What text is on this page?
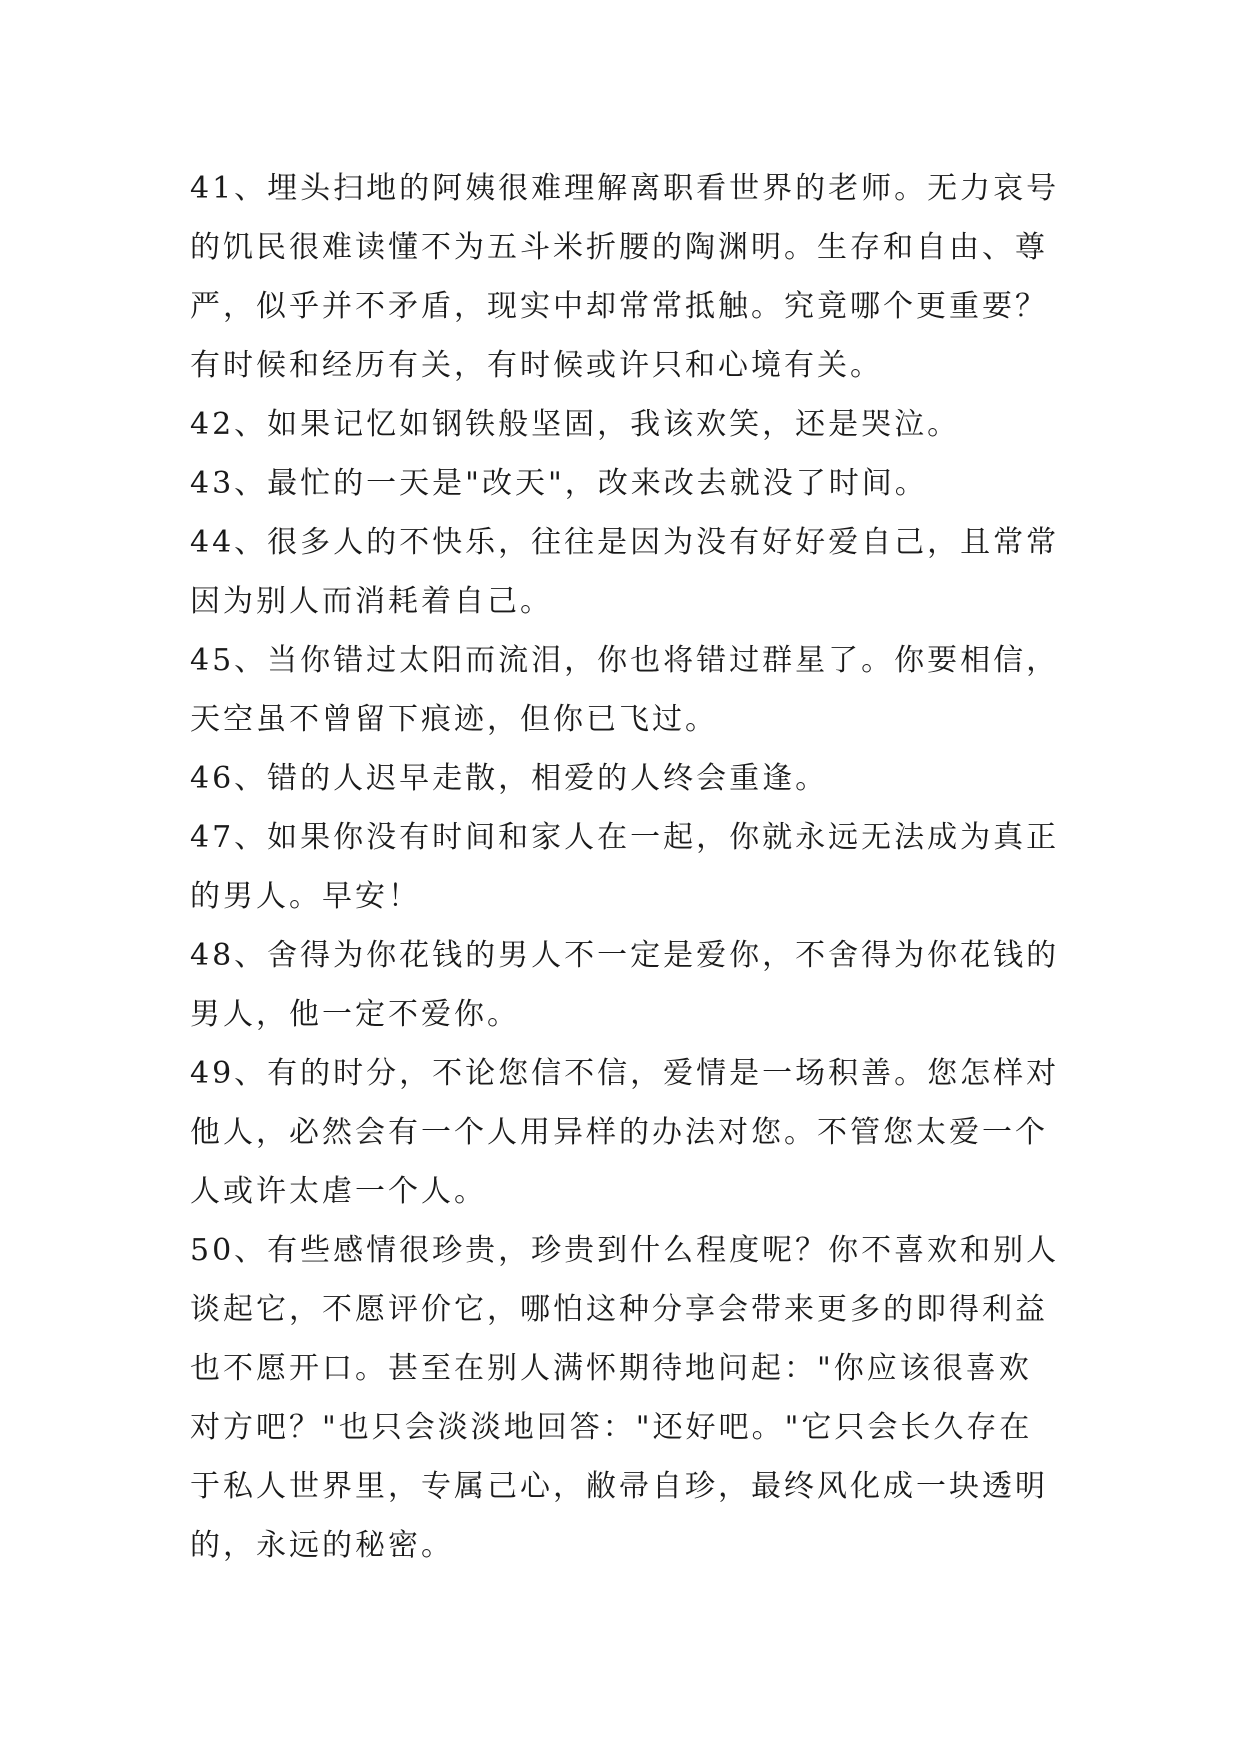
41、埋头扫地的阿姨很难理解离职看世界的老师。无力哀号
的饥民很难读懂不为五斗米折腰的陶渊明。生存和自由、尊
严，似乎并不矛盾，现实中却常常抵触。究竟哪个更重要？
有时候和经历有关，有时候或许只和心境有关。
42、如果记忆如钢铁般坚固，我该欢笑，还是哭泣。
43、最忙的一天是"改天"，改来改去就没了时间。
44、很多人的不快乐，往往是因为没有好好爱自己，且常常
因为别人而消耗着自己。
45、当你错过太阳而流泪，你也将错过群星了。你要相信，
天空虽不曾留下痕迹，但你已飞过。
46、错的人迟早走散，相爱的人终会重逢。
47、如果你没有时间和家人在一起，你就永远无法成为真正
的男人。早安！
48、舍得为你花钱的男人不一定是爱你，不舍得为你花钱的
男人，他一定不爱你。
49、有的时分，不论您信不信，爱情是一场积善。您怎样对
他人，必然会有一个人用异样的办法对您。不管您太爱一个
人或许太虐一个人。
50、有些感情很珍贵，珍贵到什么程度呢？你不喜欢和别人
谈起它，不愿评价它，哪怕这种分享会带来更多的即得利益
也不愿开口。甚至在别人满怀期待地问起："你应该很喜欢
对方吧？"也只会淡淡地回答："还好吧。"它只会长久存在
于私人世界里，专属己心，敝帚自珍，最终风化成一块透明
的，永远的秘密。
